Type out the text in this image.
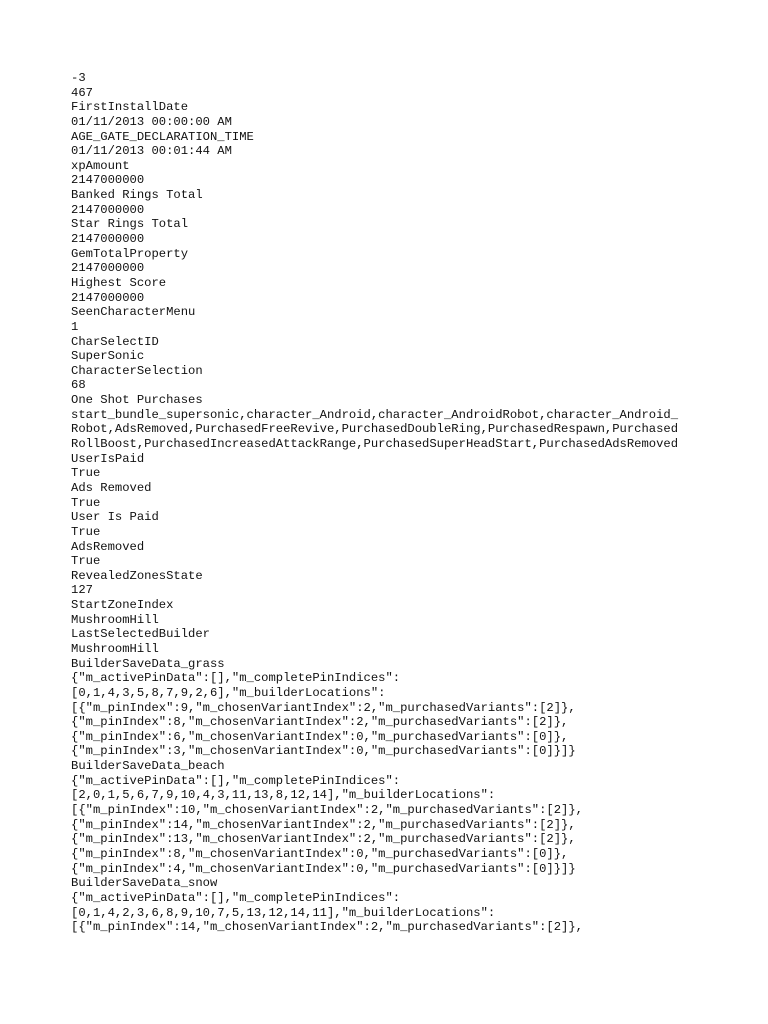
-3
467
FirstInstallDate
01/11/2013 00:00:00 AM
AGE_GATE_DECLARATION_TIME
01/11/2013 00:01:44 AM
xpAmount
2147000000
Banked Rings Total
2147000000
Star Rings Total
2147000000
GemTotalProperty
2147000000
Highest Score
2147000000
SeenCharacterMenu
1
CharSelectID
SuperSonic
CharacterSelection
68
One Shot Purchases
start_bundle_supersonic,character_Android,character_AndroidRobot,character_Android_
Robot,AdsRemoved,PurchasedFreeRevive,PurchasedDoubleRing,PurchasedRespawn,Purchased
RollBoost,PurchasedIncreasedAttackRange,PurchasedSuperHeadStart,PurchasedAdsRemoved
UserIsPaid
True
Ads Removed
True
User Is Paid
True
AdsRemoved
True
RevealedZonesState
127
StartZoneIndex
MushroomHill
LastSelectedBuilder
MushroomHill
BuilderSaveData_grass
{"m_activePinData":[],"m_completePinIndices":
[0,1,4,3,5,8,7,9,2,6],"m_builderLocations":
[{"m_pinIndex":9,"m_chosenVariantIndex":2,"m_purchasedVariants":[2]},
{"m_pinIndex":8,"m_chosenVariantIndex":2,"m_purchasedVariants":[2]},
{"m_pinIndex":6,"m_chosenVariantIndex":0,"m_purchasedVariants":[0]},
{"m_pinIndex":3,"m_chosenVariantIndex":0,"m_purchasedVariants":[0]}]}
BuilderSaveData_beach
{"m_activePinData":[],"m_completePinIndices":
[2,0,1,5,6,7,9,10,4,3,11,13,8,12,14],"m_builderLocations":
[{"m_pinIndex":10,"m_chosenVariantIndex":2,"m_purchasedVariants":[2]},
{"m_pinIndex":14,"m_chosenVariantIndex":2,"m_purchasedVariants":[2]},
{"m_pinIndex":13,"m_chosenVariantIndex":2,"m_purchasedVariants":[2]},
{"m_pinIndex":8,"m_chosenVariantIndex":0,"m_purchasedVariants":[0]},
{"m_pinIndex":4,"m_chosenVariantIndex":0,"m_purchasedVariants":[0]}]}
BuilderSaveData_snow
{"m_activePinData":[],"m_completePinIndices":
[0,1,4,2,3,6,8,9,10,7,5,13,12,14,11],"m_builderLocations":
[{"m_pinIndex":14,"m_chosenVariantIndex":2,"m_purchasedVariants":[2]},
